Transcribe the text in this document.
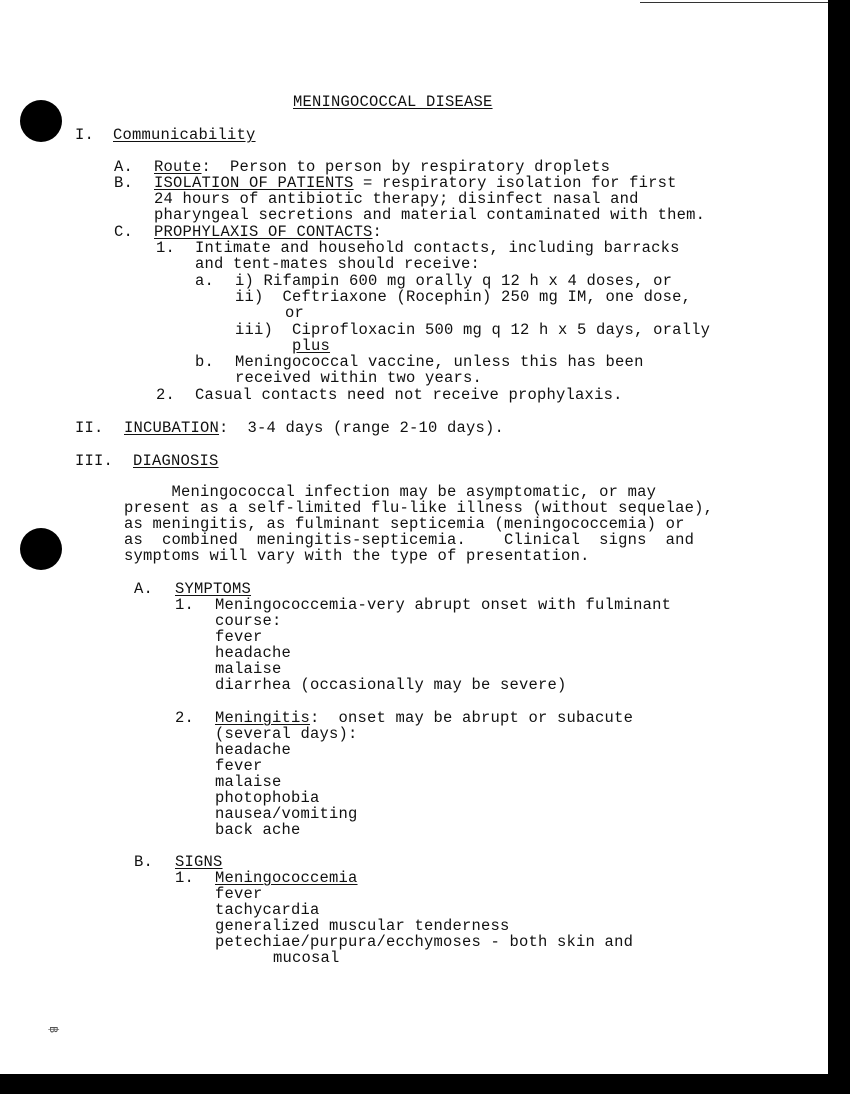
MENINGOCOCCAL DISEASE
I. Communicability
A. Route:  Person to person by respiratory droplets
B. ISOLATION OF PATIENTS = respiratory isolation for first
24 hours of antibiotic therapy; disinfect nasal and
pharyngeal secretions and material contaminated with them.
C. PROPHYLAXIS OF CONTACTS:
1. Intimate and household contacts, including barracks
and tent-mates should receive:
a. i) Rifampin 600 mg orally q 12 h x 4 doses, or
ii)  Ceftriaxone (Rocephin) 250 mg IM, one dose,
or
iii)  Ciprofloxacin 500 mg q 12 h x 5 days, orally
plus
b. Meningococcal vaccine, unless this has been
received within two years.
2. Casual contacts need not receive prophylaxis.
II. INCUBATION:  3-4 days (range 2-10 days).
III. DIAGNOSIS
Meningococcal infection may be asymptomatic, or may
present as a self-limited flu-like illness (without sequelae),
as meningitis, as fulminant septicemia (meningococcemia) or
as  combined  meningitis-septicemia.    Clinical  signs  and
symptoms will vary with the type of presentation.
A. SYMPTOMS
1. Meningococcemia-very abrupt onset with fulminant
course:
fever
headache
malaise
diarrhea (occasionally may be severe)
2. Meningitis:  onset may be abrupt or subacute
(several days):
headache
fever
malaise
photophobia
nausea/vomiting
back ache
B. SIGNS
1. Meningococcemia
fever
tachycardia
generalized muscular tenderness
petechiae/purpura/ecchymoses - both skin and
mucosal
฿
